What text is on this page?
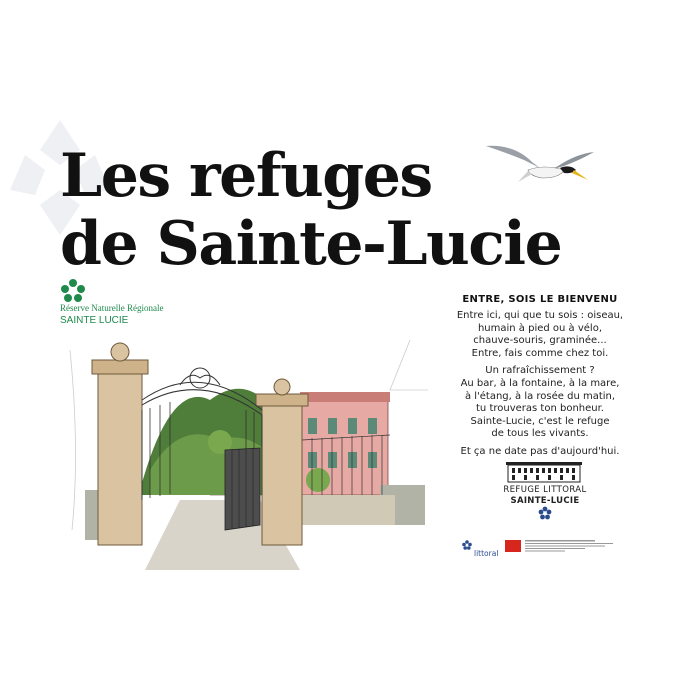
Les refuges
de Sainte-Lucie
Réserve Naturelle Régionale
SAINTE LUCIE
ENTRE, SOIS LE BIENVENU

Entre ici, qui que tu sois : oiseau,
humain à pied ou à vélo,
chauve-souris, graminée...
Entre, fais comme chez toi.

Un rafraîchissement ?
Au bar, à la fontaine, à la mare,
à l'étang, à la rosée du matin,
tu trouveras ton bonheur.
Sainte-Lucie, c'est le refuge
de tous les vivants.

Et ça ne date pas d'aujourd'hui.

REFUGE LITTORAL
SAINTE-LUCIE
littoral
